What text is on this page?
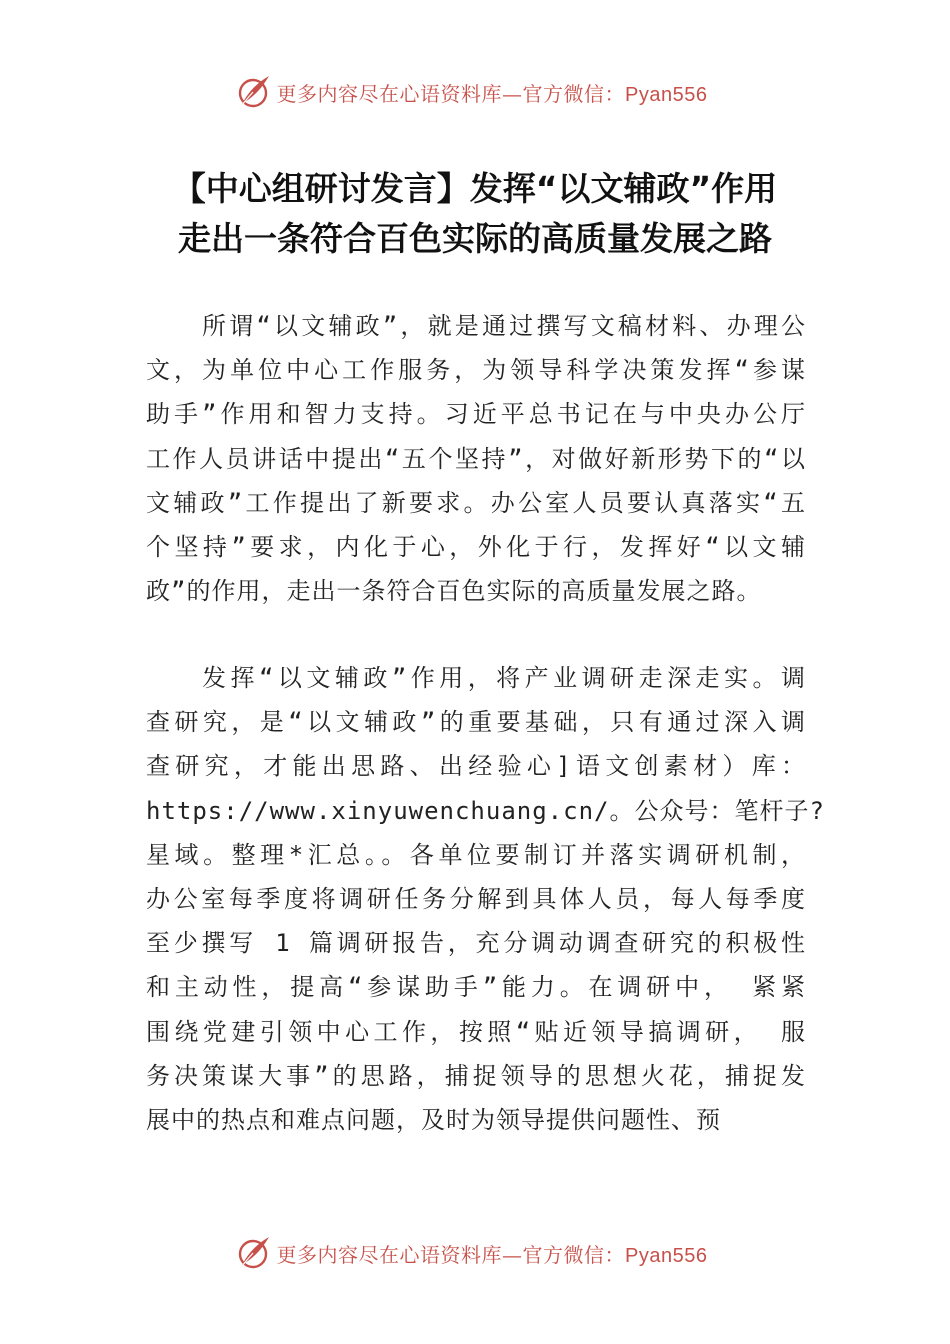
更多内容尽在心语资料库—官方微信：Pyan556
【中心组研讨发言】发挥“以文辅政”作用
走出一条符合百色实际的高质量发展之路
所谓“以文辅政”，就是通过撰写文稿材料、办理公
文，为单位中心工作服务，为领导科学决策发挥“参谋
助手”作用和智力支持。习近平总书记在与中央办公厅
工作人员讲话中提出“五个坚持”，对做好新形势下的“以
文辅政”工作提出了新要求。办公室人员要认真落实“五
个坚持”要求，内化于心，外化于行，发挥好“以文辅
政”的作用，走出一条符合百色实际的高质量发展之路。
发挥“以文辅政”作用，将产业调研走深走实。调
查研究，是“以文辅政”的重要基础，只有通过深入调
查研究，才能出思路、出经验心]语文创素材）库：
https://www.xinyuwenchuang.cn/。公众号：笔杆子?
星域。整理*汇总。。各单位要制订并落实调研机制，
办公室每季度将调研任务分解到具体人员，每人每季度
至少撰写 1 篇调研报告，充分调动调查研究的积极性
和主动性，提高“参谋助手”能力。在调研中， 紧紧
围绕党建引领中心工作，按照“贴近领导搞调研， 服
务决策谋大事”的思路，捕捉领导的思想火花，捕捉发
展中的热点和难点问题，及时为领导提供问题性、预
更多内容尽在心语资料库—官方微信：Pyan556
